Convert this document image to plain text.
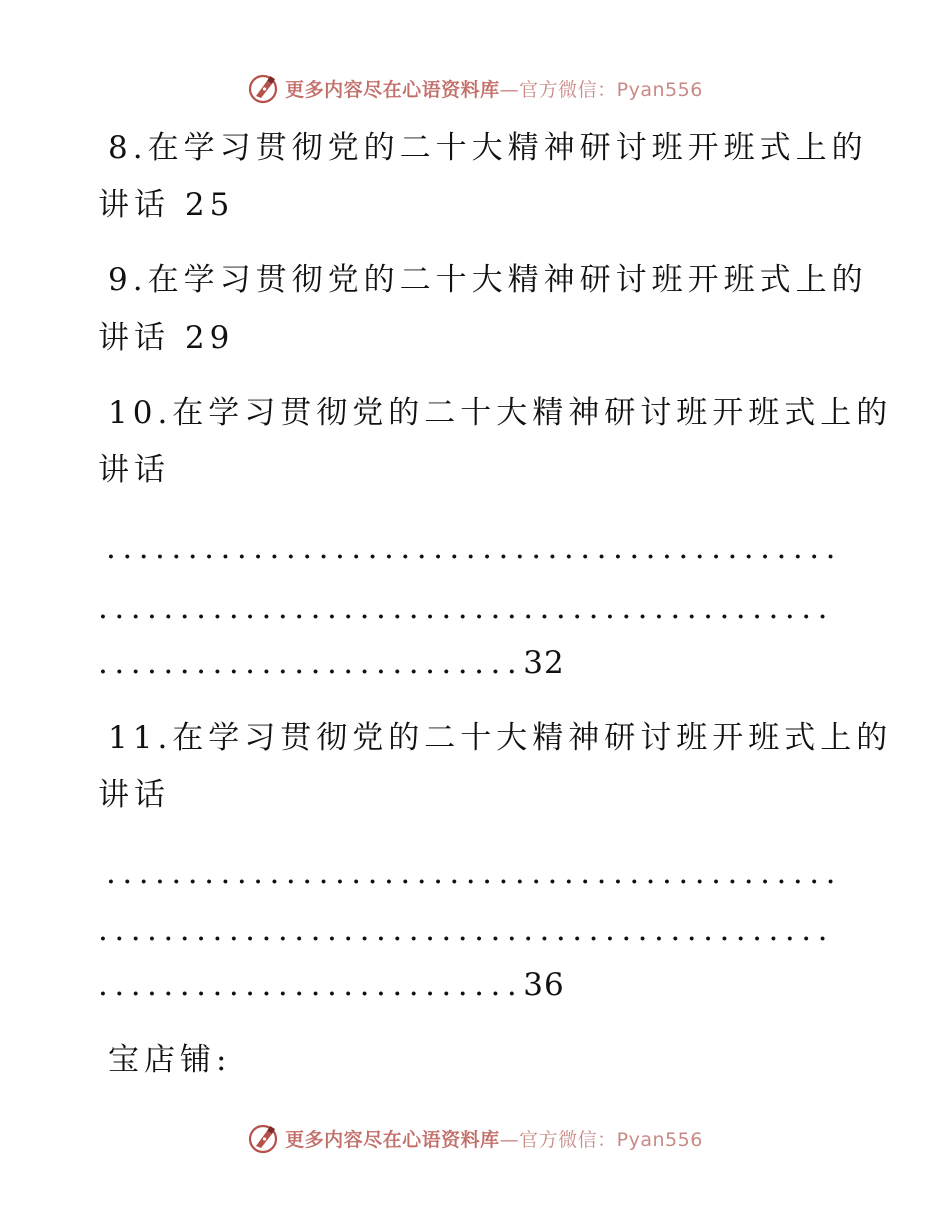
更多内容尽在心语资料库—官方微信：Pyan556
8.在学习贯彻党的二十大精神研讨班开班式上的
讲话 25
9.在学习贯彻党的二十大精神研讨班开班式上的
讲话 29
10.在学习贯彻党的二十大精神研讨班开班式上的
讲话
.............................................
.............................................
..........................32
11.在学习贯彻党的二十大精神研讨班开班式上的
讲话
.............................................
.............................................
..........................36
宝店铺:
更多内容尽在心语资料库—官方微信：Pyan556
